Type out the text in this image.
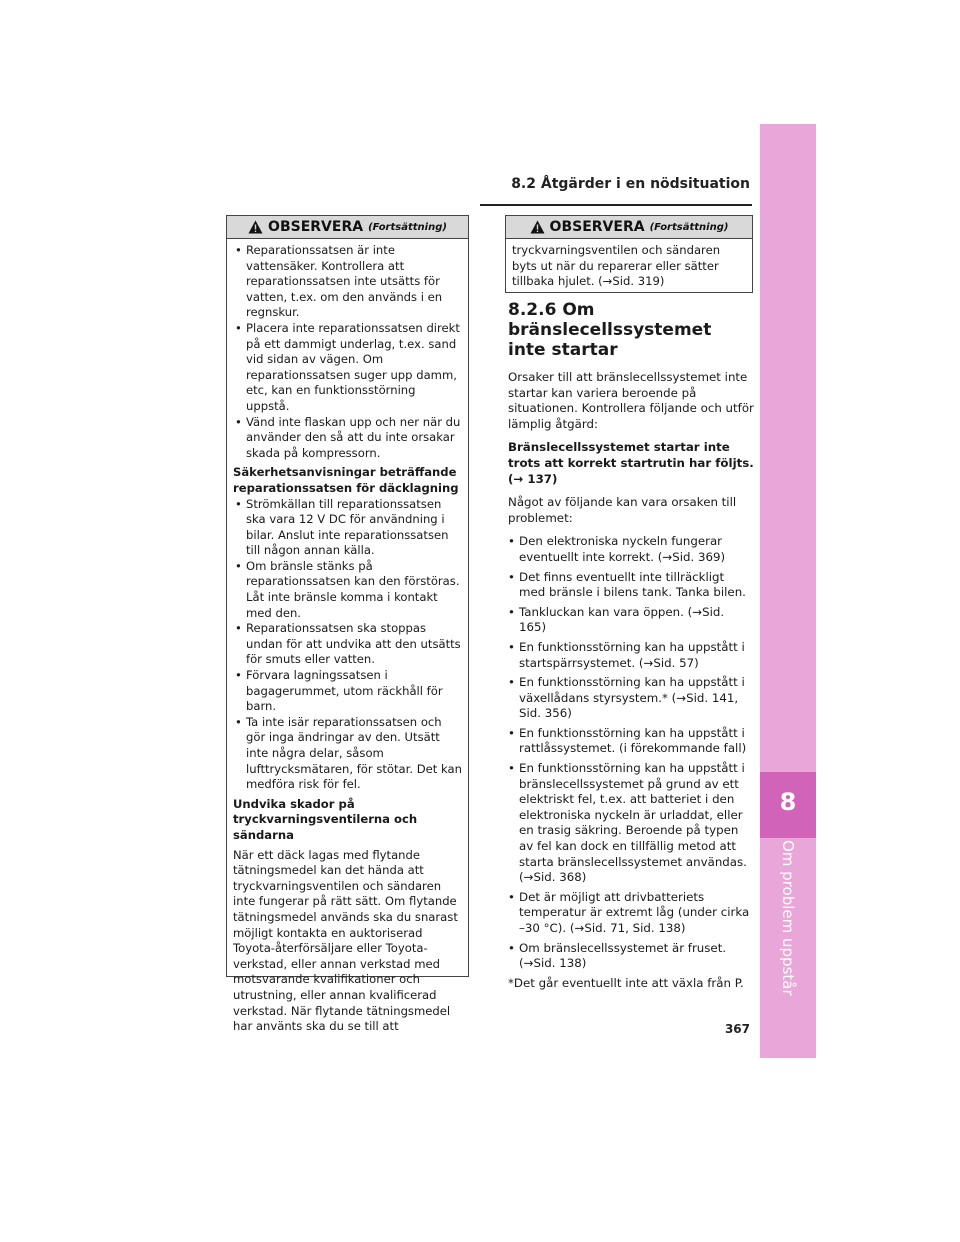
8.2 Åtgärder i en nödsituation
8
Om problem uppstår
OBSERVERA (Fortsättning)
• Reparationssatsen är inte vattensäker. Kontrollera att reparationssatsen inte utsätts för vatten, t.ex. om den används i en regnskur.
• Placera inte reparationssatsen direkt på ett dammigt underlag, t.ex. sand vid sidan av vägen. Om reparationssatsen suger upp damm, etc, kan en funktionsstörning uppstå.
• Vänd inte flaskan upp och ner när du använder den så att du inte orsakar skada på kompressorn.
Säkerhetsanvisningar beträffande reparationssatsen för däcklagning
• Strömkällan till reparationssatsen ska vara 12 V DC för användning i bilar. Anslut inte reparationssatsen till någon annan källa.
• Om bränsle stänks på reparationssatsen kan den förstöras. Låt inte bränsle komma i kontakt med den.
• Reparationssatsen ska stoppas undan för att undvika att den utsätts för smuts eller vatten.
• Förvara lagningssatsen i bagagerummet, utom räckhåll för barn.
• Ta inte isär reparationssatsen och gör inga ändringar av den. Utsätt inte några delar, såsom lufttrycksmätaren, för stötar. Det kan medföra risk för fel.
Undvika skador på tryckvarningsventilerna och sändarna
När ett däck lagas med flytande tätningsmedel kan det hända att tryckvarningsventilen och sändaren inte fungerar på rätt sätt. Om flytande tätningsmedel används ska du snarast möjligt kontakta en auktoriserad Toyota-återförsäljare eller Toyota-verkstad, eller annan verkstad med motsvarande kvalifikationer och utrustning, eller annan kvalificerad verkstad. När flytande tätningsmedel har använts ska du se till att
OBSERVERA (Fortsättning)
tryckvarningsventilen och sändaren byts ut när du reparerar eller sätter tillbaka hjulet. (→Sid. 319)
8.2.6 Om bränslecellssystemet inte startar
Orsaker till att bränslecellssystemet inte startar kan variera beroende på situationen. Kontrollera följande och utför lämplig åtgärd:
Bränslecellssystemet startar inte trots att korrekt startrutin har följts. (→ 137)
Något av följande kan vara orsaken till problemet:
• Den elektroniska nyckeln fungerar eventuellt inte korrekt. (→Sid. 369)
• Det finns eventuellt inte tillräckligt med bränsle i bilens tank. Tanka bilen.
• Tankluckan kan vara öppen. (→Sid. 165)
• En funktionsstörning kan ha uppstått i startspärrsystemet. (→Sid. 57)
• En funktionsstörning kan ha uppstått i växellådans styrsystem.* (→Sid. 141, Sid. 356)
• En funktionsstörning kan ha uppstått i rattlåssystemet. (i förekommande fall)
• En funktionsstörning kan ha uppstått i bränslecellssystemet på grund av ett elektriskt fel, t.ex. att batteriet i den elektroniska nyckeln är urladdat, eller en trasig säkring. Beroende på typen av fel kan dock en tillfällig metod att starta bränslecellssystemet användas. (→Sid. 368)
• Det är möjligt att drivbatteriets temperatur är extremt låg (under cirka –30 °C). (→Sid. 71, Sid. 138)
• Om bränslecellssystemet är fruset. (→Sid. 138)
*Det går eventuellt inte att växla från P.
367
